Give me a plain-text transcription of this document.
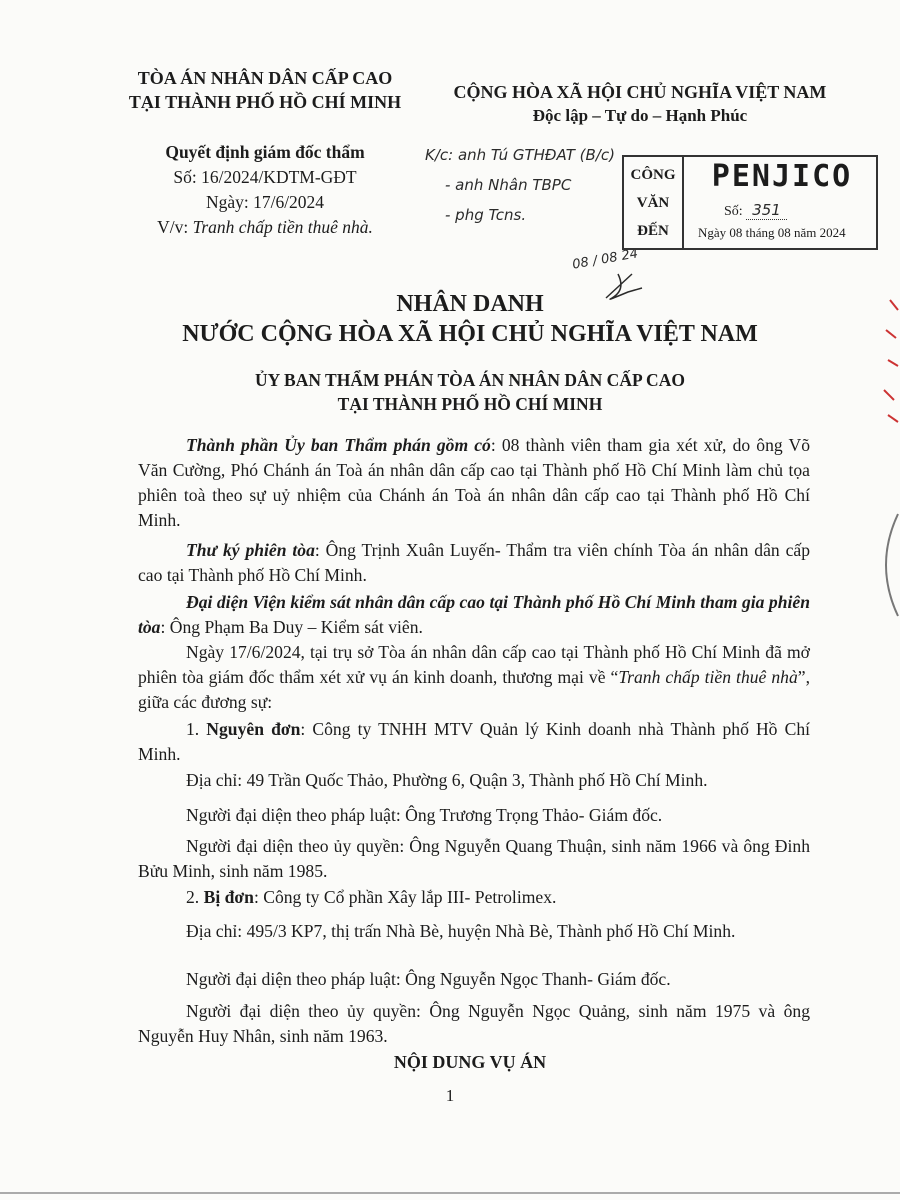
TÒA ÁN NHÂN DÂN CẤP CAO
TẠI THÀNH PHỐ HỒ CHÍ MINH	CỘNG HÒA XÃ HỘI CHỦ NGHĨA VIỆT NAM
Độc lập – Tự do – Hạnh Phúc
Quyết định giám đốc thẩm
Số: 16/2024/KDTM-GĐT
Ngày: 17/6/2024
V/v: Tranh chấp tiền thuê nhà.
K/c: anh Tú GTHĐAT (B/c)
- anh Nhân TBPC
- phg Tcns.
08 / 08 24
CÔNG
VĂN
ĐẾN
PENJICO
Số: 351
Ngày 08 tháng 08 năm 2024
NHÂN DANH
NƯỚC CỘNG HÒA XÃ HỘI CHỦ NGHĨA VIỆT NAM
ỦY BAN THẨM PHÁN TÒA ÁN NHÂN DÂN CẤP CAO
TẠI THÀNH PHỐ HỒ CHÍ MINH
Thành phần Ủy ban Thẩm phán gồm có: 08 thành viên tham gia xét xử, do ông Võ Văn Cường, Phó Chánh án Toà án nhân dân cấp cao tại Thành phố Hồ Chí Minh làm chủ tọa phiên toà theo sự uỷ nhiệm của Chánh án Toà án nhân dân cấp cao tại Thành phố Hồ Chí Minh.
Thư ký phiên tòa: Ông Trịnh Xuân Luyến- Thẩm tra viên chính Tòa án nhân dân cấp cao tại Thành phố Hồ Chí Minh.
Đại diện Viện kiểm sát nhân dân cấp cao tại Thành phố Hồ Chí Minh tham gia phiên tòa: Ông Phạm Ba Duy – Kiểm sát viên.
Ngày 17/6/2024, tại trụ sở Tòa án nhân dân cấp cao tại Thành phố Hồ Chí Minh đã mở phiên tòa giám đốc thẩm xét xử vụ án kinh doanh, thương mại về “Tranh chấp tiền thuê nhà”, giữa các đương sự:
1. Nguyên đơn: Công ty TNHH MTV Quản lý Kinh doanh nhà Thành phố Hồ Chí Minh.
Địa chỉ: 49 Trần Quốc Thảo, Phường 6, Quận 3, Thành phố Hồ Chí Minh.
Người đại diện theo pháp luật: Ông Trương Trọng Thảo- Giám đốc.
Người đại diện theo ủy quyền: Ông Nguyễn Quang Thuận, sinh năm 1966 và ông Đinh Bửu Minh, sinh năm 1985.
2. Bị đơn: Công ty Cổ phần Xây lắp III- Petrolimex.
Địa chỉ: 495/3 KP7, thị trấn Nhà Bè, huyện Nhà Bè, Thành phố Hồ Chí Minh.
Người đại diện theo pháp luật: Ông Nguyễn Ngọc Thanh- Giám đốc.
Người đại diện theo ủy quyền: Ông Nguyễn Ngọc Quảng, sinh năm 1975 và ông Nguyễn Huy Nhân, sinh năm 1963.
NỘI DUNG VỤ ÁN
1
